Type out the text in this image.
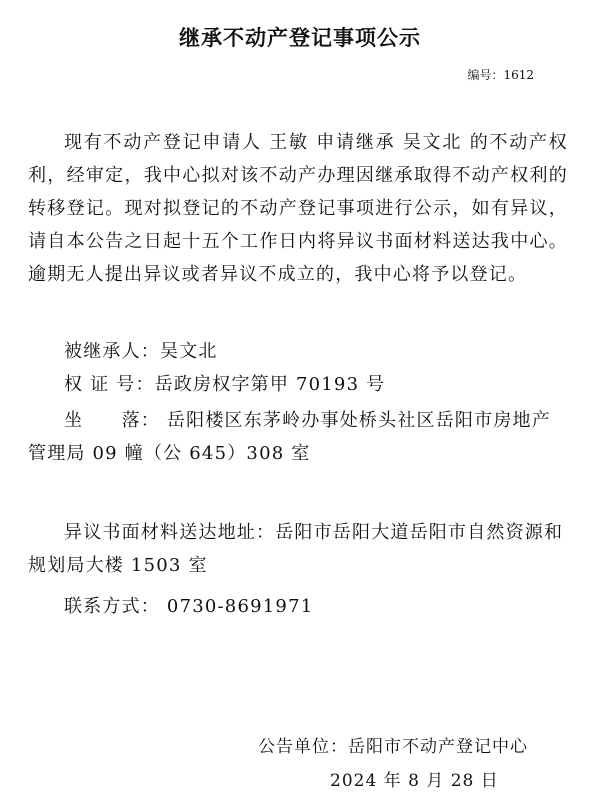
继承不动产登记事项公示
编号：1612

现有不动产登记申请人 王敏 申请继承 吴文北 的不动产权利，经审定，我中心拟对该不动产办理因继承取得不动产权利的转移登记。现对拟登记的不动产登记事项进行公示，如有异议，请自本公告之日起十五个工作日内将异议书面材料送达我中心。逾期无人提出异议或者异议不成立的，我中心将予以登记。

被继承人：吴文北

权 证 号：岳政房权字第甲 70193 号

坐　　落： 岳阳楼区东茅岭办事处桥头社区岳阳市房地产管理局 09 幢（公 645）308 室

异议书面材料送达地址：岳阳市岳阳大道岳阳市自然资源和规划局大楼 1503 室

联系方式： 0730-8691971

公告单位：岳阳市不动产登记中心
2024 年 8 月 28 日
